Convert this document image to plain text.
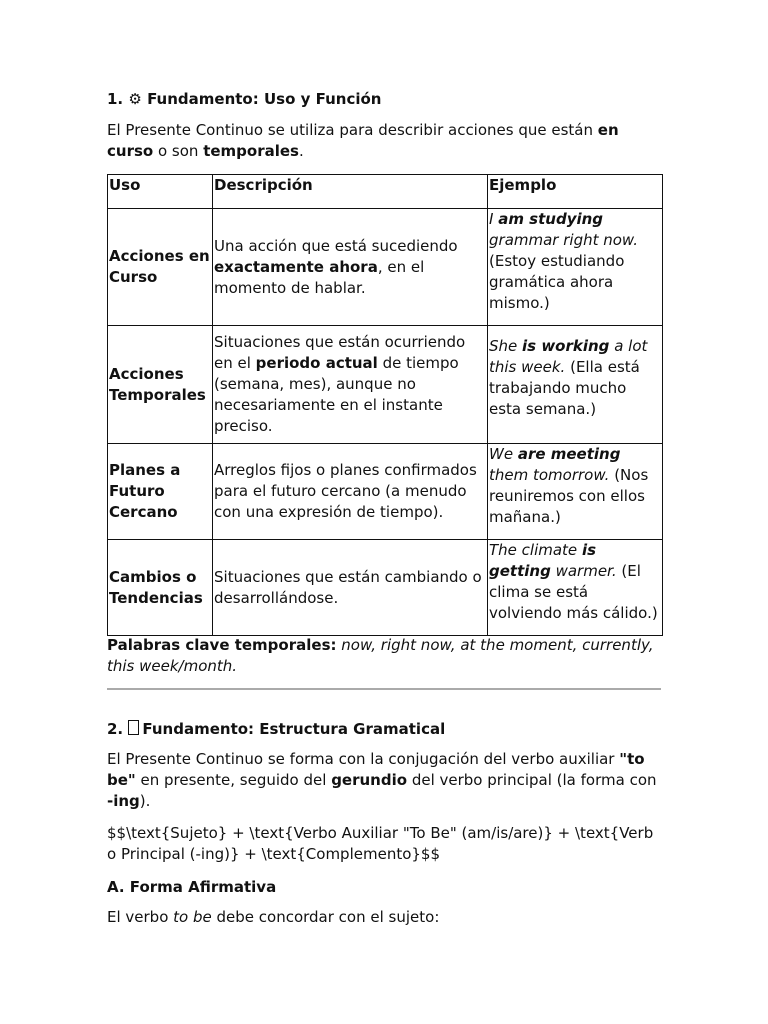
1. ⚙ Fundamento: Uso y Función

El Presente Continuo se utiliza para describir acciones que están en curso o son temporales.

Uso	Descripción	Ejemplo
Acciones en Curso	Una acción que está sucediendo exactamente ahora, en el momento de hablar.	I am studying grammar right now. (Estoy estudiando gramática ahora mismo.)
Acciones Temporales	Situaciones que están ocurriendo en el periodo actual de tiempo (semana, mes), aunque no necesariamente en el instante preciso.	She is working a lot this week. (Ella está trabajando mucho esta semana.)
Planes a Futuro Cercano	Arreglos fijos o planes confirmados para el futuro cercano (a menudo con una expresión de tiempo).	We are meeting them tomorrow. (Nos reuniremos con ellos mañana.)
Cambios o Tendencias	Situaciones que están cambiando o desarrollándose.	The climate is getting warmer. (El clima se está volviendo más cálido.)

Palabras clave temporales: now, right now, at the moment, currently, this week/month.

2. Fundamento: Estructura Gramatical

El Presente Continuo se forma con la conjugación del verbo auxiliar "to be" en presente, seguido del gerundio del verbo principal (la forma con -ing).

$$\text{Sujeto} + \text{Verbo Auxiliar "To Be" (am/is/are)} + \text{Verbo Principal (-ing)} + \text{Complemento}$$

A. Forma Afirmativa

El verbo to be debe concordar con el sujeto:
